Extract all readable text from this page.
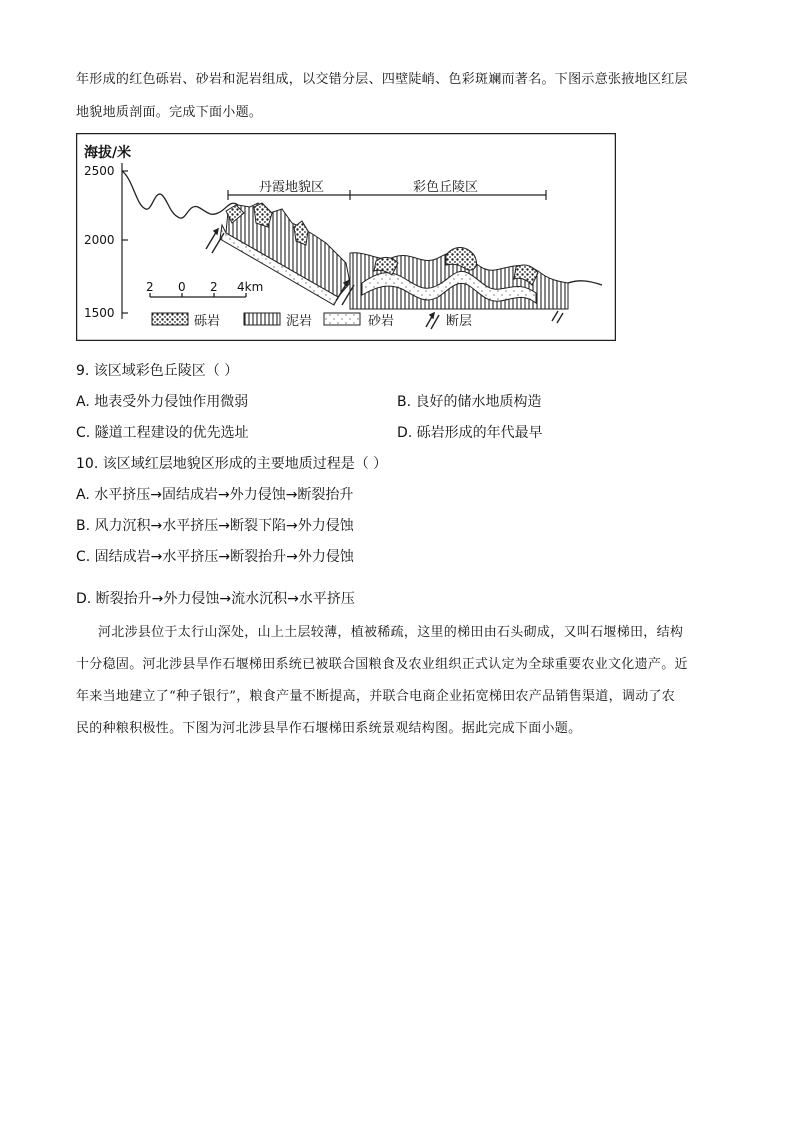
年形成的红色砾岩、砂岩和泥岩组成，以交错分层、四壁陡峭、色彩斑斓而著名。下图示意张掖地区红层
地貌地质剖面。完成下面小题。
海拔/米
2500
2000
1500
丹霞地貌区	彩色丘陵区
2 0 2 4km
砾岩	泥岩	砂岩	断层
9. 该区域彩色丘陵区（ ）
A. 地表受外力侵蚀作用微弱	B. 良好的储水地质构造
C. 隧道工程建设的优先选址	D. 砾岩形成的年代最早
10. 该区域红层地貌区形成的主要地质过程是（ ）
A. 水平挤压→固结成岩→外力侵蚀→断裂抬升
B. 风力沉积→水平挤压→断裂下陷→外力侵蚀
C. 固结成岩→水平挤压→断裂抬升→外力侵蚀
D. 断裂抬升→外力侵蚀→流水沉积→水平挤压
河北涉县位于太行山深处，山上土层较薄，植被稀疏，这里的梯田由石头砌成，又叫石堰梯田，结构
十分稳固。河北涉县旱作石堰梯田系统已被联合国粮食及农业组织正式认定为全球重要农业文化遗产。近
年来当地建立了“种子银行”，粮食产量不断提高，并联合电商企业拓宽梯田农产品销售渠道，调动了农
民的种粮积极性。下图为河北涉县旱作石堰梯田系统景观结构图。据此完成下面小题。
